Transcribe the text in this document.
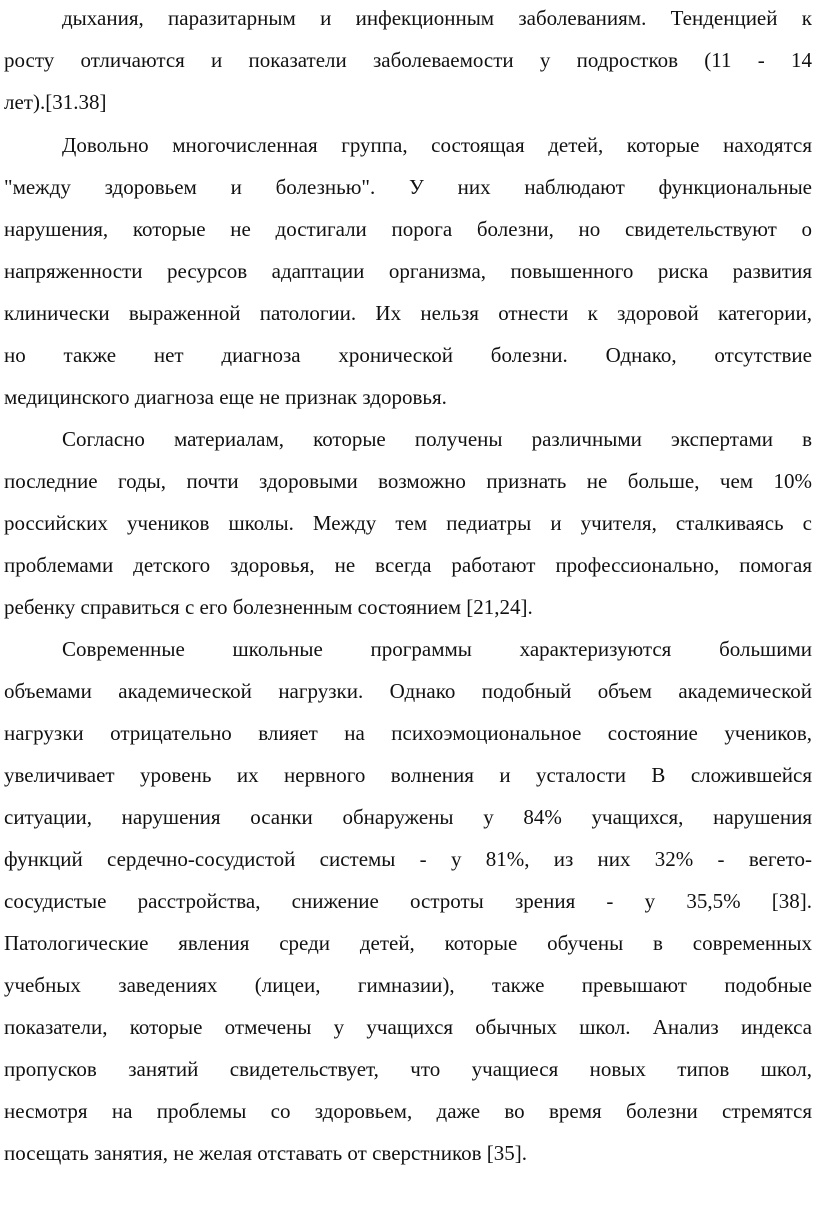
дыхания, паразитарным и инфекционным заболеваниям. Тенденцией к
росту отличаются и показатели заболеваемости у подростков (11 - 14
лет).[31.38]
Довольно многочисленная группа, состоящая детей, которые находятся
"между здоровьем и болезнью". У них наблюдают функциональные
нарушения, которые не достигали порога болезни, но свидетельствуют о
напряженности ресурсов адаптации организма, повышенного риска развития
клинически выраженной патологии. Их нельзя отнести к здоровой категории,
но также нет диагноза хронической болезни. Однако, отсутствие
медицинского диагноза еще не признак здоровья.
Согласно материалам, которые получены различными экспертами в
последние годы, почти здоровыми возможно признать не больше, чем 10%
российских учеников школы. Между тем педиатры и учителя, сталкиваясь с
проблемами детского здоровья, не всегда работают профессионально, помогая
ребенку справиться с его болезненным состоянием [21,24].
Современные школьные программы характеризуются большими
объемами академической нагрузки. Однако подобный объем академической
нагрузки отрицательно влияет на психоэмоциональное состояние учеников,
увеличивает уровень их нервного волнения и усталости В сложившейся
ситуации, нарушения осанки обнаружены у 84% учащихся, нарушения
функций сердечно-сосудистой системы - у 81%, из них 32% - вегето-
сосудистые расстройства, снижение остроты зрения - у 35,5% [38].
Патологические явления среди детей, которые обучены в современных
учебных заведениях (лицеи, гимназии), также превышают подобные
показатели, которые отмечены у учащихся обычных школ. Анализ индекса
пропусков занятий свидетельствует, что учащиеся новых типов школ,
несмотря на проблемы со здоровьем, даже во время болезни стремятся
посещать занятия, не желая отставать от сверстников [35].
